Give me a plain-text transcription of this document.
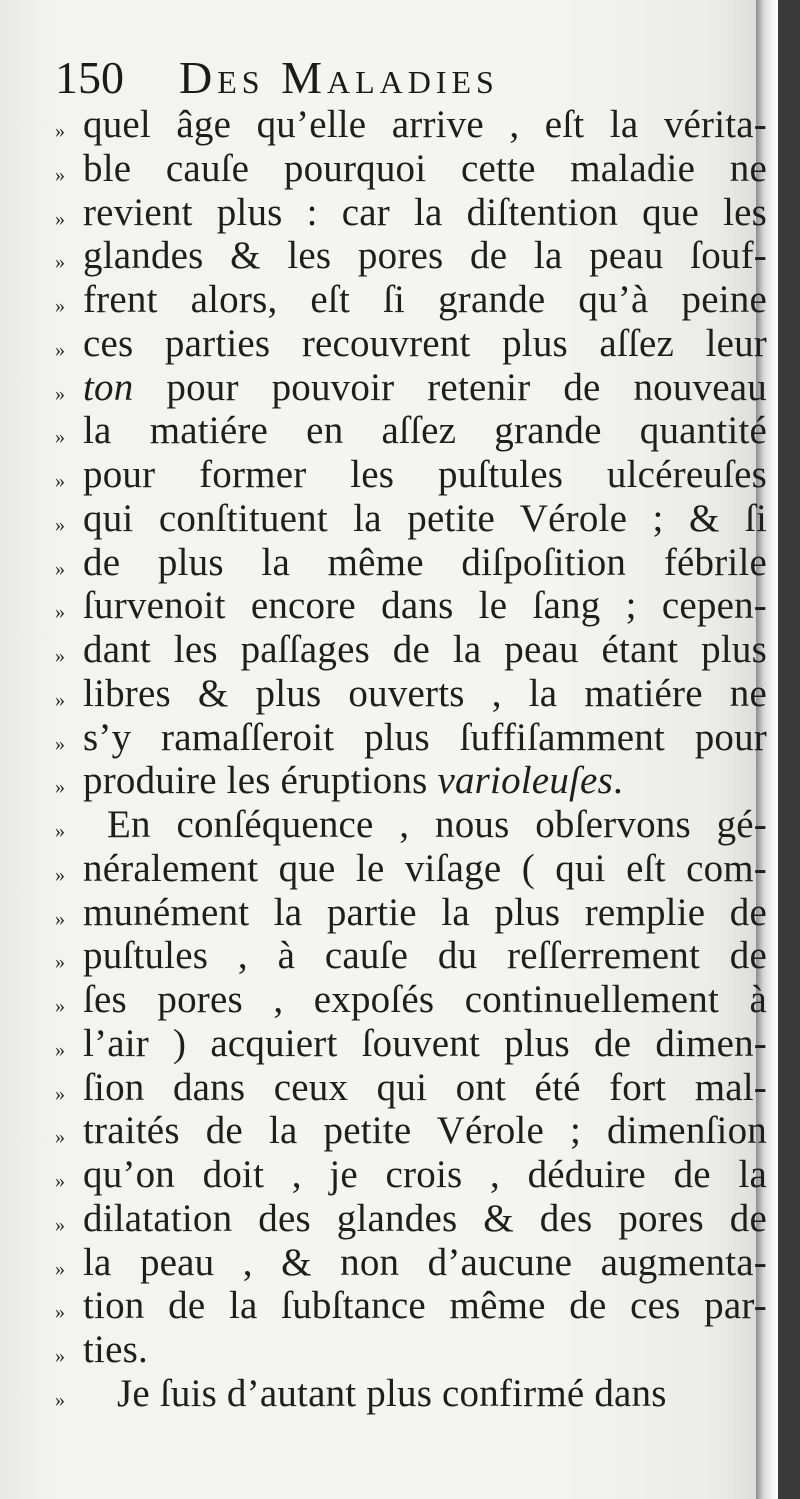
150 Des Maladies
» quel âge qu’elle arrive , eſt la vérita-
» ble cauſe pourquoi cette maladie ne
» revient plus : car la diſtention que les
» glandes & les pores de la peau ſouf-
» frent alors, eſt ſi grande qu’à peine
» ces parties recouvrent plus aſſez leur
» ton pour pouvoir retenir de nouveau
» la matiére en aſſez grande quantité
» pour former les puſtules ulcéreuſes
» qui conſtituent la petite Vérole ; & ſi
» de plus la même diſpoſition fébrile
» ſurvenoit encore dans le ſang ; cepen-
» dant les paſſages de la peau étant plus
» libres & plus ouverts , la matiére ne
» s’y ramaſſeroit plus ſuffiſamment pour
» produire les éruptions varioleuſes.
»	En conſéquence , nous obſervons gé-
» néralement que le viſage ( qui eſt com-
» munément la partie la plus remplie de
» puſtules , à cauſe du reſſerrement de
» ſes pores , expoſés continuellement à
» l’air ) acquiert ſouvent plus de dimen-
» ſion dans ceux qui ont été fort mal-
» traités de la petite Vérole ; dimenſion
» qu’on doit , je crois , déduire de la
» dilatation des glandes & des pores de
» la peau , & non d’aucune augmenta-
» tion de la ſubſtance même de ces par-
» ties.
»	Je ſuis d’autant plus confirmé dans
